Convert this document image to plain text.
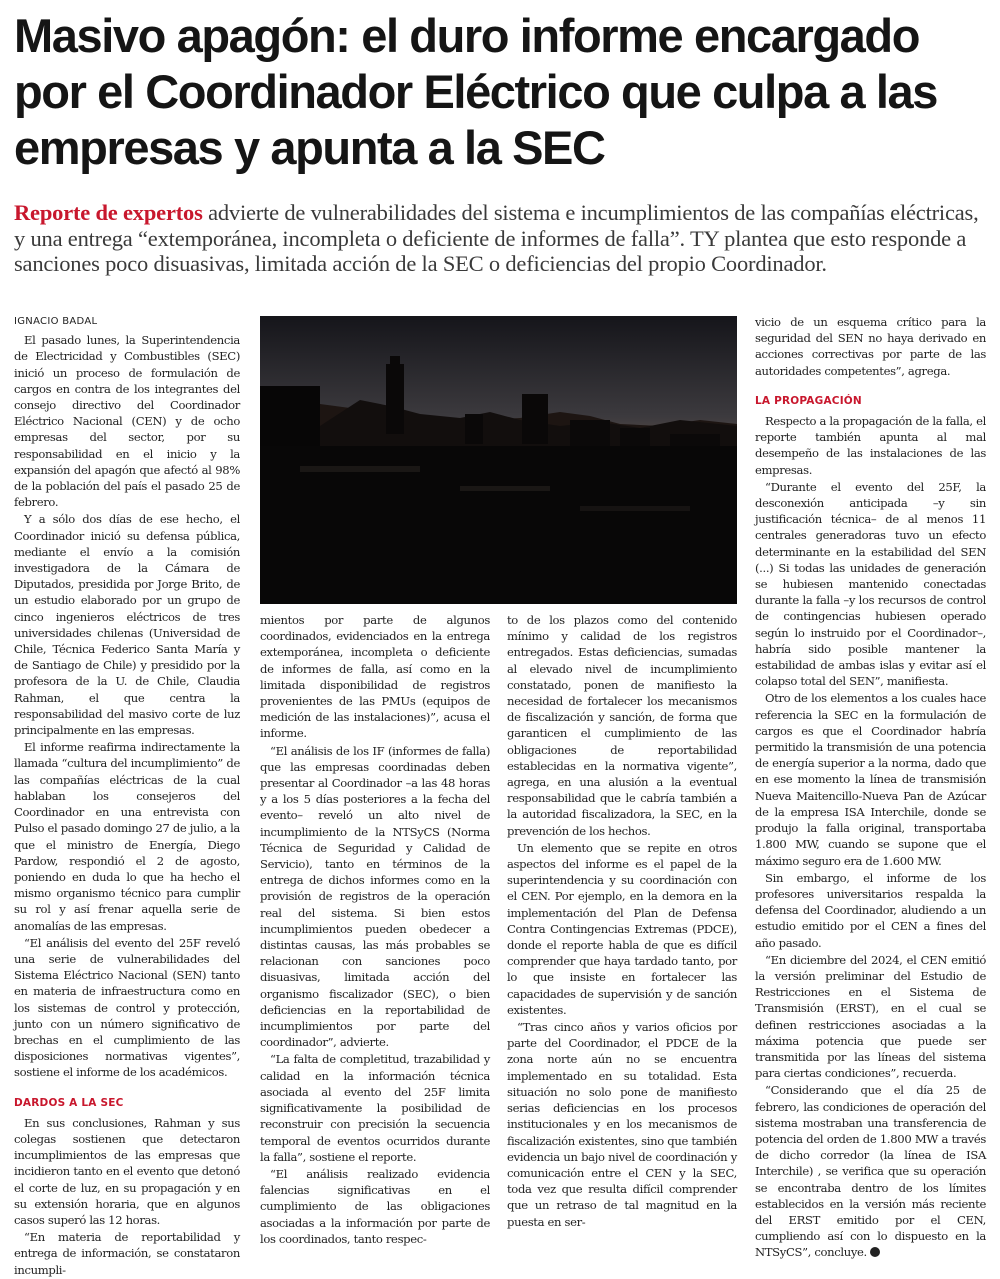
Masivo apagón: el duro informe encargado por el Coordinador Eléctrico que culpa a las empresas y apunta a la SEC
Reporte de expertos advierte de vulnerabilidades del sistema e incumplimientos de las compañías eléctricas, y una entrega “extemporánea, incompleta o deficiente de informes de falla”. TY plantea que esto responde a sanciones poco disuasivas, limitada acción de la SEC o deficiencias del propio Coordinador.
IGNACIO BADAL

El pasado lunes, la Superintendencia de Electricidad y Combustibles (SEC) inició un proceso de formulación de cargos en contra de los integrantes del consejo directivo del Coordinador Eléctrico Nacional (CEN) y de ocho empresas del sector, por su responsabilidad en el inicio y la expansión del apagón que afectó al 98% de la población del país el pasado 25 de febrero.

Y a sólo dos días de ese hecho, el Coordinador inició su defensa pública, mediante el envío a la comisión investigadora de la Cámara de Diputados, presidida por Jorge Brito, de un estudio elaborado por un grupo de cinco ingenieros eléctricos de tres universidades chilenas (Universidad de Chile, Técnica Federico Santa María y de Santiago de Chile) y presidido por la profesora de la U. de Chile, Claudia Rahman, el que centra la responsabilidad del masivo corte de luz principalmente en las empresas.

El informe reafirma indirectamente la llamada “cultura del incumplimiento” de las compañías eléctricas de la cual hablaban los consejeros del Coordinador en una entrevista con Pulso el pasado domingo 27 de julio, a la que el ministro de Energía, Diego Pardow, respondió el 2 de agosto, poniendo en duda lo que ha hecho el mismo organismo técnico para cumplir su rol y así frenar aquella serie de anomalías de las empresas.

“El análisis del evento del 25F reveló una serie de vulnerabilidades del Sistema Eléctrico Nacional (SEN) tanto en materia de infraestructura como en los sistemas de control y protección, junto con un número significativo de brechas en el cumplimiento de las disposiciones normativas vigentes”, sostiene el informe de los académicos.

DARDOS A LA SEC

En sus conclusiones, Rahman y sus colegas sostienen que detectaron incumplimientos de las empresas que incidieron tanto en el evento que detonó el corte de luz, en su propagación y en su extensión horaria, que en algunos casos superó las 12 horas.

“En materia de reportabilidad y entrega de información, se constataron incumpli-

mientos por parte de algunos coordinados, evidenciados en la entrega extemporánea, incompleta o deficiente de informes de falla, así como en la limitada disponibilidad de registros provenientes de las PMUs (equipos de medición de las instalaciones)”, acusa el informe.

“El análisis de los IF (informes de falla) que las empresas coordinadas deben presentar al Coordinador –a las 48 horas y a los 5 días posteriores a la fecha del evento– reveló un alto nivel de incumplimiento de la NTSyCS (Norma Técnica de Seguridad y Calidad de Servicio), tanto en términos de la entrega de dichos informes como en la provisión de registros de la operación real del sistema. Si bien estos incumplimientos pueden obedecer a distintas causas, las más probables se relacionan con sanciones poco disuasivas, limitada acción del organismo fiscalizador (SEC), o bien deficiencias en la reportabilidad de incumplimientos por parte del coordinador”, advierte.

“La falta de completitud, trazabilidad y calidad en la información técnica asociada al evento del 25F limita significativamente la posibilidad de reconstruir con precisión la secuencia temporal de eventos ocurridos durante la falla”, sostiene el reporte.

“El análisis realizado evidencia falencias significativas en el cumplimiento de las obligaciones asociadas a la información por parte de los coordinados, tanto respec-

to de los plazos como del contenido mínimo y calidad de los registros entregados. Estas deficiencias, sumadas al elevado nivel de incumplimiento constatado, ponen de manifiesto la necesidad de fortalecer los mecanismos de fiscalización y sanción, de forma que garanticen el cumplimiento de las obligaciones de reportabilidad establecidas en la normativa vigente”, agrega, en una alusión a la eventual responsabilidad que le cabría también a la autoridad fiscalizadora, la SEC, en la prevención de los hechos.

Un elemento que se repite en otros aspectos del informe es el papel de la superintendencia y su coordinación con el CEN. Por ejemplo, en la demora en la implementación del Plan de Defensa Contra Contingencias Extremas (PDCE), donde el reporte habla de que es difícil comprender que haya tardado tanto, por lo que insiste en fortalecer las capacidades de supervisión y de sanción existentes.

“Tras cinco años y varios oficios por parte del Coordinador, el PDCE de la zona norte aún no se encuentra implementado en su totalidad. Esta situación no solo pone de manifiesto serias deficiencias en los procesos institucionales y en los mecanismos de fiscalización existentes, sino que también evidencia un bajo nivel de coordinación y comunicación entre el CEN y la SEC, toda vez que resulta difícil comprender que un retraso de tal magnitud en la puesta en ser-

vicio de un esquema crítico para la seguridad del SEN no haya derivado en acciones correctivas por parte de las autoridades competentes”, agrega.

LA PROPAGACIÓN

Respecto a la propagación de la falla, el reporte también apunta al mal desempeño de las instalaciones de las empresas.

“Durante el evento del 25F, la desconexión anticipada –y sin justificación técnica– de al menos 11 centrales generadoras tuvo un efecto determinante en la estabilidad del SEN (...) Si todas las unidades de generación se hubiesen mantenido conectadas durante la falla –y los recursos de control de contingencias hubiesen operado según lo instruido por el Coordinador–, habría sido posible mantener la estabilidad de ambas islas y evitar así el colapso total del SEN”, manifiesta.

Otro de los elementos a los cuales hace referencia la SEC en la formulación de cargos es que el Coordinador habría permitido la transmisión de una potencia de energía superior a la norma, dado que en ese momento la línea de transmisión Nueva Maitencillo-Nueva Pan de Azúcar de la empresa ISA Interchile, donde se produjo la falla original, transportaba 1.800 MW, cuando se supone que el máximo seguro era de 1.600 MW.

Sin embargo, el informe de los profesores universitarios respalda la defensa del Coordinador, aludiendo a un estudio emitido por el CEN a fines del año pasado.

“En diciembre del 2024, el CEN emitió la versión preliminar del Estudio de Restricciones en el Sistema de Transmisión (ERST), en el cual se definen restricciones asociadas a la máxima potencia que puede ser transmitida por las líneas del sistema para ciertas condiciones”, recuerda.

“Considerando que el día 25 de febrero, las condiciones de operación del sistema mostraban una transferencia de potencia del orden de 1.800 MW a través de dicho corredor (la línea de ISA Interchile) , se verifica que su operación se encontraba dentro de los límites establecidos en la versión más reciente del ERST emitido por el CEN, cumpliendo así con lo dispuesto en la NTSyCS”, concluye.
